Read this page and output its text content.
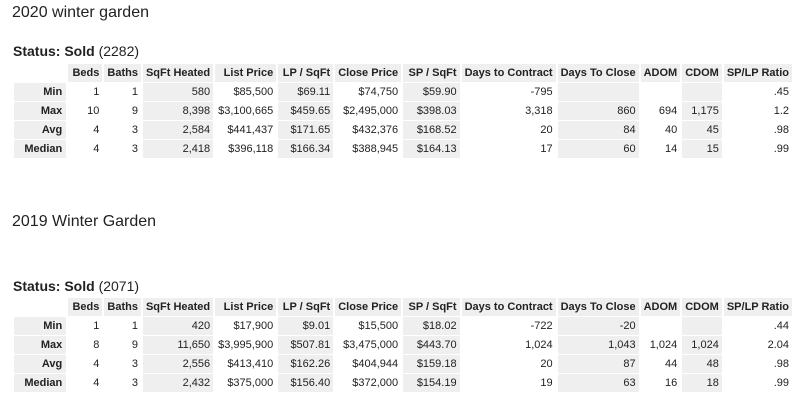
2020 winter garden

Status: Sold (2282)

	Beds	Baths	SqFt Heated	List Price	LP / SqFt	Close Price	SP / SqFt	Days to Contract	Days To Close	ADOM	CDOM	SP/LP Ratio
Min	1	1	580	$85,500	$69.11	$74,750	$59.90	-795				.45
Max	10	9	8,398	$3,100,665	$459.65	$2,495,000	$398.03	3,318	860	694	1,175	1.2
Avg	4	3	2,584	$441,437	$171.65	$432,376	$168.52	20	84	40	45	.98
Median	4	3	2,418	$396,118	$166.34	$388,945	$164.13	17	60	14	15	.99
2019 Winter Garden

Status: Sold (2071)

	Beds	Baths	SqFt Heated	List Price	LP / SqFt	Close Price	SP / SqFt	Days to Contract	Days To Close	ADOM	CDOM	SP/LP Ratio
Min	1	1	420	$17,900	$9.01	$15,500	$18.02	-722	-20			.44
Max	8	9	11,650	$3,995,900	$507.81	$3,475,000	$443.70	1,024	1,043	1,024	1,024	2.04
Avg	4	3	2,556	$413,410	$162.26	$404,944	$159.18	20	87	44	48	.98
Median	4	3	2,432	$375,000	$156.40	$372,000	$154.19	19	63	16	18	.99
